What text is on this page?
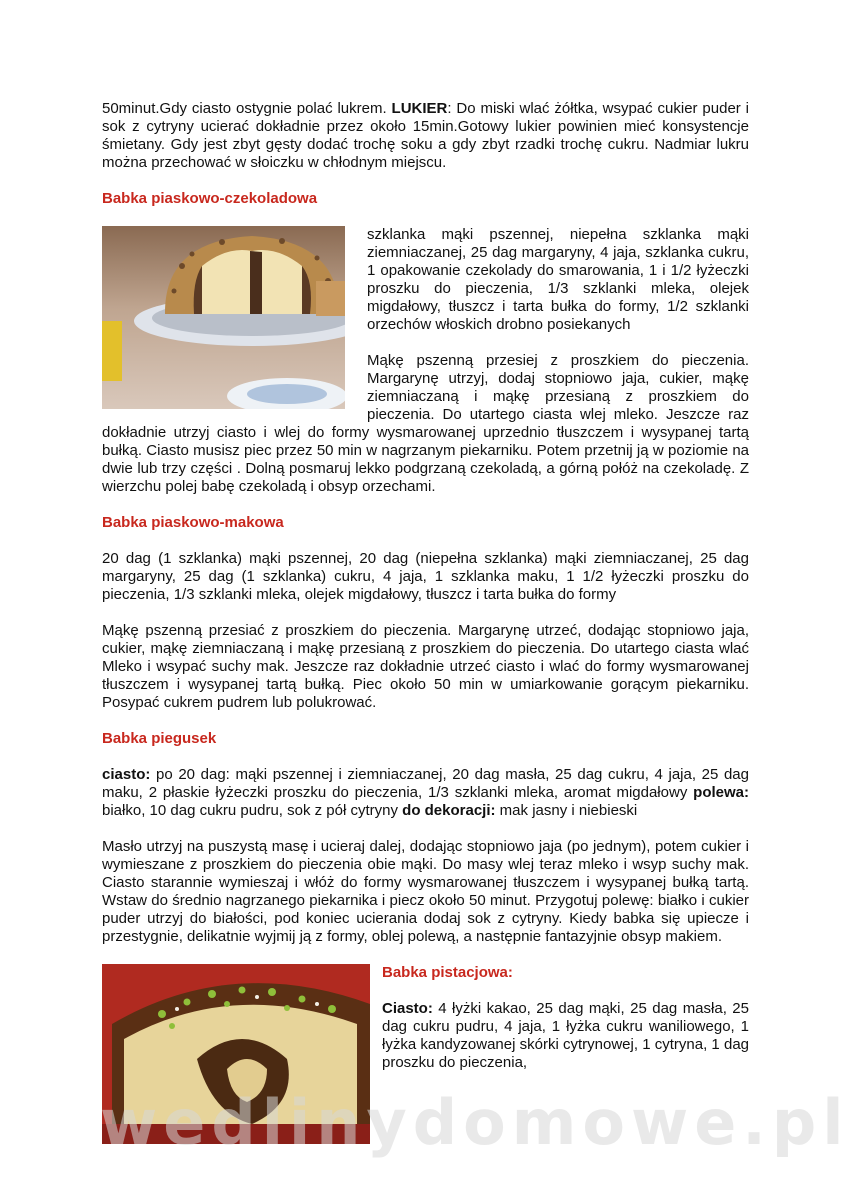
50minut.Gdy ciasto ostygnie polać lukrem. LUKIER: Do miski wlać żółtka, wsypać cukier puder i sok z cytryny ucierać dokładnie przez około 15min.Gotowy lukier powinien mieć konsystencje śmietany. Gdy jest zbyt gęsty dodać trochę soku a gdy zbyt rzadki trochę cukru. Nadmiar lukru można przechować w słoiczku w chłodnym miejscu.

Babka piaskowo-czekoladowa

szklanka mąki pszennej, niepełna szklanka mąki ziemniaczanej, 25 dag margaryny, 4 jaja, szklanka cukru, 1 opakowanie czekolady do smarowania, 1 i 1/2 łyżeczki proszku do pieczenia, 1/3 szklanki mleka, olejek migdałowy, tłuszcz i tarta bułka do formy, 1/2 szklanki orzechów włoskich drobno posiekanych

Mąkę pszenną przesiej z proszkiem do pieczenia. Margarynę utrzyj, dodaj stopniowo jaja, cukier, mąkę ziemniaczaną i mąkę przesianą z proszkiem do pieczenia. Do utartego ciasta wlej mleko. Jeszcze raz dokładnie utrzyj ciasto i wlej do formy wysmarowanej uprzednio tłuszczem i wysypanej tartą bułką. Ciasto musisz piec przez 50 min w nagrzanym piekarniku. Potem przetnij ją w poziomie na dwie lub trzy części . Dolną posmaruj lekko podgrzaną czekoladą, a górną połóż na czekoladę. Z wierzchu polej babę czekoladą i obsyp orzechami.

Babka piaskowo-makowa

20 dag (1 szklanka) mąki pszennej, 20 dag (niepełna szklanka) mąki ziemniaczanej, 25 dag margaryny, 25 dag (1 szklanka) cukru, 4 jaja, 1 szklanka maku, 1 1/2 łyżeczki proszku do pieczenia, 1/3 szklanki mleka, olejek migdałowy, tłuszcz i tarta bułka do formy

Mąkę pszenną przesiać z proszkiem do pieczenia. Margarynę utrzeć, dodając stopniowo jaja, cukier, mąkę ziemniaczaną i mąkę przesianą z proszkiem do pieczenia. Do utartego ciasta wlać Mleko i wsypać suchy mak. Jeszcze raz dokładnie utrzeć ciasto i wlać do formy wysmarowanej tłuszczem i wysypanej tartą bułką. Piec około 50 min w umiarkowanie gorącym piekarniku. Posypać cukrem pudrem lub polukrować.

Babka piegusek

ciasto: po 20 dag: mąki pszennej i ziemniaczanej, 20 dag masła, 25 dag cukru, 4 jaja, 25 dag maku, 2 płaskie łyżeczki proszku do pieczenia, 1/3 szklanki mleka, aromat migdałowy polewa: białko, 10 dag cukru pudru, sok z pół cytryny do dekoracji: mak jasny i niebieski

Masło utrzyj na puszystą masę i ucieraj dalej, dodając stopniowo jaja (po jednym), potem cukier i wymieszane z proszkiem do pieczenia obie mąki. Do masy wlej teraz mleko i wsyp suchy mak. Ciasto starannie wymieszaj i włóż do formy wysmarowanej tłuszczem i wysypanej bułką tartą. Wstaw do średnio nagrzanego piekarnika i piecz około 50 minut. Przygotuj polewę: białko i cukier puder utrzyj do białości, pod koniec ucierania dodaj sok z cytryny. Kiedy babka się upiecze i przestygnie, delikatnie wyjmij ją z formy, oblej polewą, a następnie fantazyjnie obsyp makiem.

Babka pistacjowa:

Ciasto: 4 łyżki kakao, 25 dag mąki, 25 dag masła, 25 dag cukru pudru, 4 jaja, 1 łyżka cukru waniliowego, 1 łyżka kandyzowanej skórki cytrynowej, 1 cytryna, 1 dag proszku do pieczenia,

wedlinydomowe.pl
